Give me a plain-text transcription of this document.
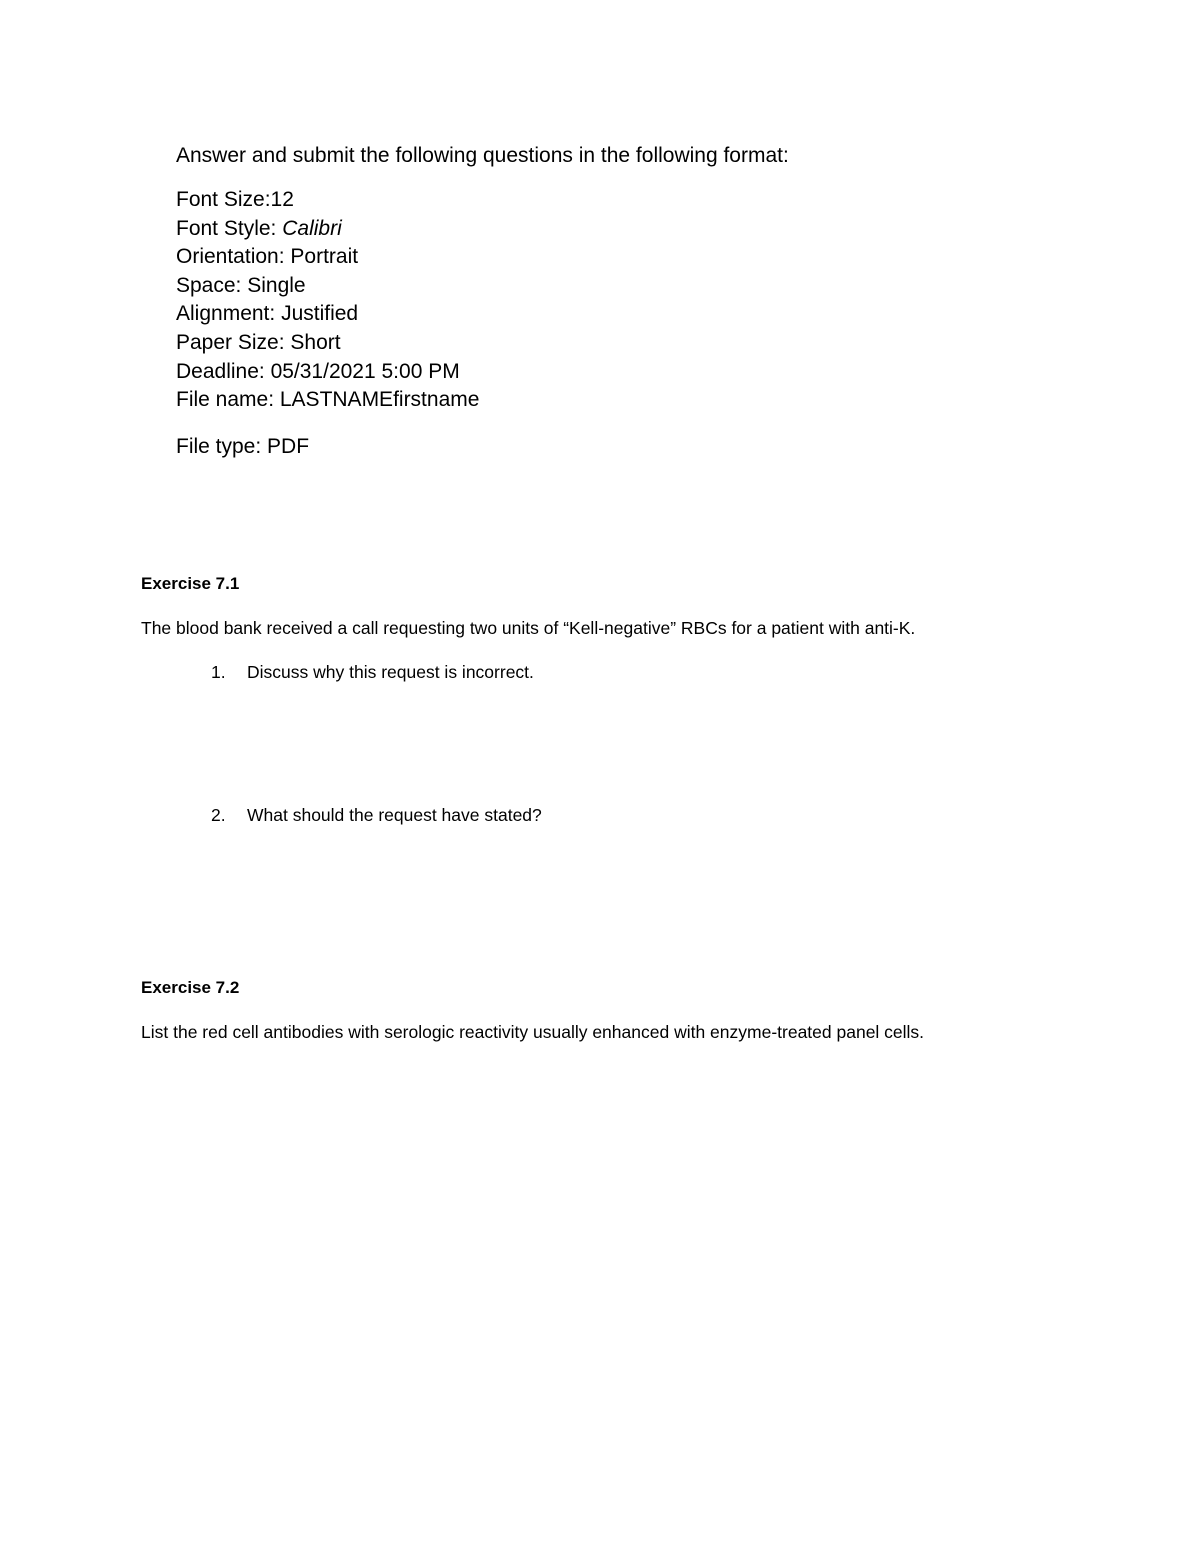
Answer and submit the following questions in the following format:

Font Size:12
Font Style: Calibri
Orientation: Portrait
Space: Single
Alignment: Justified
Paper Size: Short
Deadline: 05/31/2021 5:00 PM
File name: LASTNAMEfirstname

File type: PDF

Exercise 7.1

The blood bank received a call requesting two units of “Kell-negative” RBCs for a patient with anti-K.

1. Discuss why this request is incorrect.

2. What should the request have stated?

Exercise 7.2

List the red cell antibodies with serologic reactivity usually enhanced with enzyme-treated panel cells.
